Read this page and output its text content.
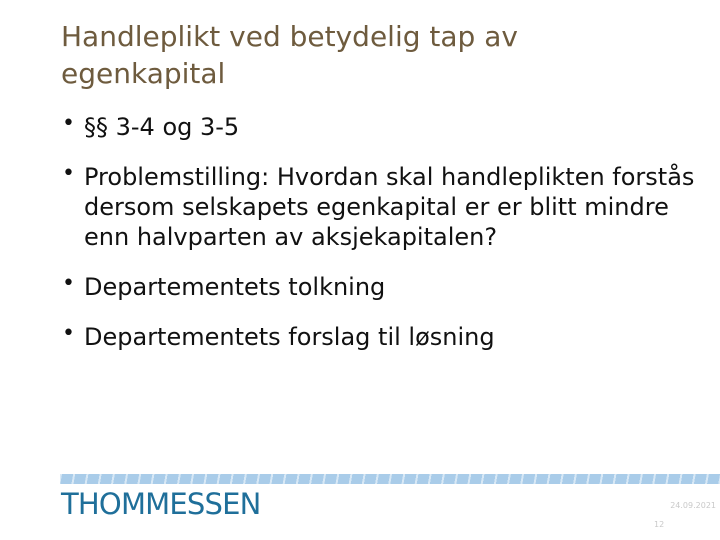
Handleplikt ved betydelig tap av egenkapital
• §§ 3-4 og 3-5
• Problemstilling: Hvordan skal handleplikten forstås dersom selskapets egenkapital er er blitt mindre enn halvparten av aksjekapitalen?
• Departementets tolkning
• Departementets forslag til løsning
THOMMESSEN	24.09.2021
12
